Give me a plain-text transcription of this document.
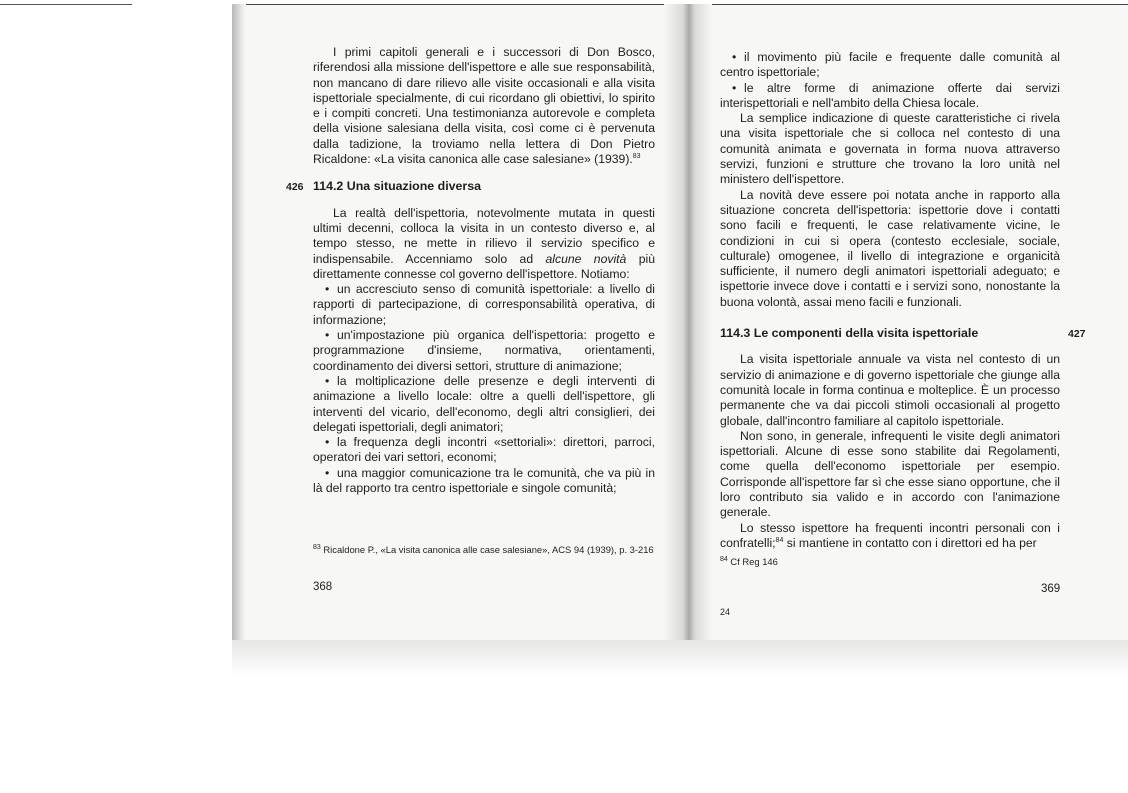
I primi capitoli generali e i successori di Don Bosco, riferendosi alla missione dell'ispettore e alle sue responsabilità, non mancano di dare rilievo alle visite occasionali e alla visita ispettoriale specialmente, di cui ricordano gli obiettivi, lo spirito e i compiti concreti. Una testimonianza autorevole e completa della visione salesiana della visita, così come ci è pervenuta dalla tadizione, la troviamo nella lettera di Don Pietro Ricaldone: «La visita canonica alle case salesiane» (1939).$^{83}$

426 114.2 Una situazione diversa

La realtà dell'ispettoria, notevolmente mutata in questi ultimi decenni, colloca la visita in un contesto diverso e, al tempo stesso, ne mette in rilievo il servizio specifico e indispensabile. Accenniamo solo ad alcune novità più direttamente connesse col governo dell'ispettore. Notiamo:

• un accresciuto senso di comunità ispettoriale: a livello di rapporti di partecipazione, di corresponsabilità operativa, di informazione;

• un'impostazione più organica dell'ispettoria: progetto e programmazione d'insieme, normativa, orientamenti, coordinamento dei diversi settori, strutture di animazione;

• la moltiplicazione delle presenze e degli interventi di animazione a livello locale: oltre a quelli dell'ispettore, gli interventi del vicario, dell'economo, degli altri consiglieri, dei delegati ispettoriali, degli animatori;

• la frequenza degli incontri «settoriali»: direttori, parroci, operatori dei vari settori, economi;

• una maggior comunicazione tra le comunità, che va più in là del rapporto tra centro ispettoriale e singole comunità;

$^{83}$ Ricaldone P., «La visita canonica alle case salesiane», ACS 94 (1939), p. 3-216
368

• il movimento più facile e frequente dalle comunità al centro ispettoriale;

• le altre forme di animazione offerte dai servizi interispettoriali e nell'ambito della Chiesa locale.

La semplice indicazione di queste caratteristiche ci rivela una visita ispettoriale che si colloca nel contesto di una comunità animata e governata in forma nuova attraverso servizi, funzioni e strutture che trovano la loro unità nel ministero dell'ispettore.

La novità deve essere poi notata anche in rapporto alla situazione concreta dell'ispettoria: ispettorie dove i contatti sono facili e frequenti, le case relativamente vicine, le condizioni in cui si opera (contesto ecclesiale, sociale, culturale) omogenee, il livello di integrazione e organicità sufficiente, il numero degli animatori ispettoriali adeguato; e ispettorie invece dove i contatti e i servizi sono, nonostante la buona volontà, assai meno facili e funzionali.

114.3 Le componenti della visita ispettoriale	427

La visita ispettoriale annuale va vista nel contesto di un servizio di animazione e di governo ispettoriale che giunge alla comunità locale in forma continua e molteplice. È un processo permanente che va dai piccoli stimoli occasionali al progetto globale, dall'incontro familiare al capitolo ispettoriale.

Non sono, in generale, infrequenti le visite degli animatori ispettoriali. Alcune di esse sono stabilite dai Regolamenti, come quella dell'economo ispettoriale per esempio. Corrisponde all'ispettore far sì che esse siano opportune, che il loro contributo sia valido e in accordo con l'animazione generale.

Lo stesso ispettore ha frequenti incontri personali con i confratelli;$^{84}$ si mantiene in contatto con i direttori ed ha per

$^{84}$ Cf Reg 146
369
24
